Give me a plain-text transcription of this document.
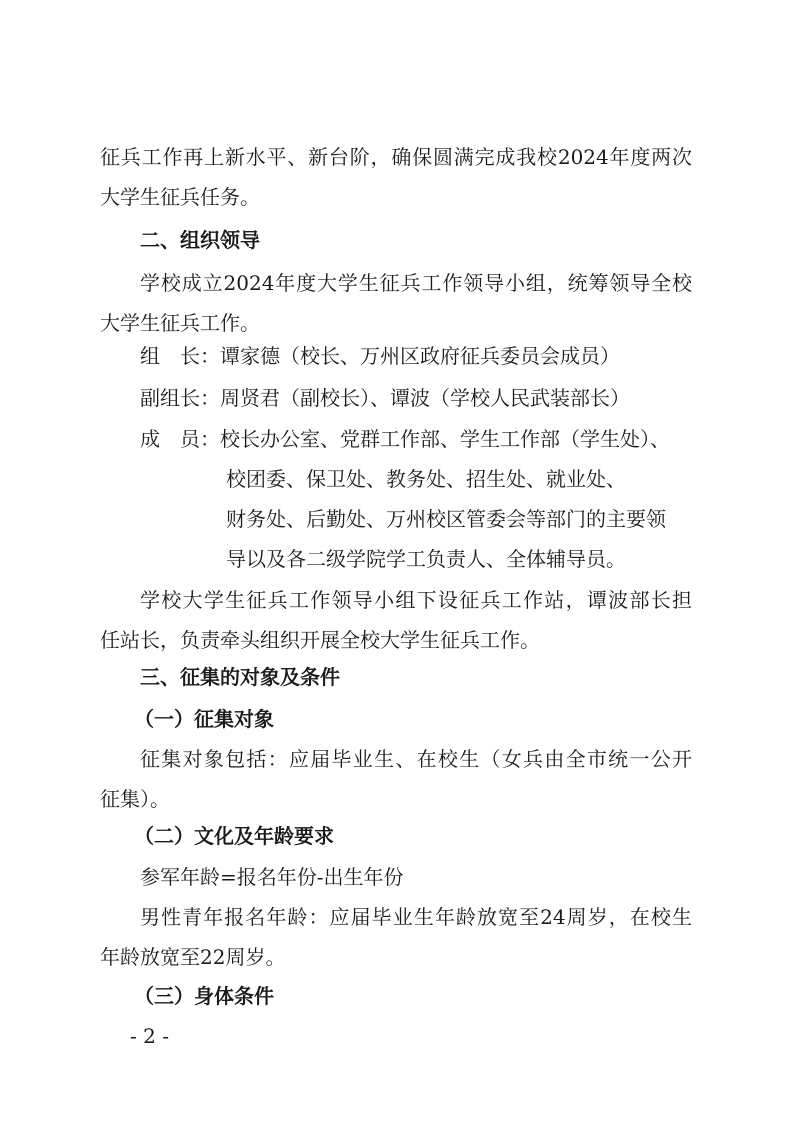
征兵工作再上新水平、新台阶，确保圆满完成我校2024年度两次

大学生征兵任务。

二、组织领导

学校成立2024年度大学生征兵工作领导小组，统筹领导全校

大学生征兵工作。

组　长：谭家德（校长、万州区政府征兵委员会成员）

副组长：周贤君（副校长）、谭波（学校人民武装部长）

成　员：校长办公室、党群工作部、学生工作部（学生处）、

校团委、保卫处、教务处、招生处、就业处、

财务处、后勤处、万州校区管委会等部门的主要领

导以及各二级学院学工负责人、全体辅导员。

学校大学生征兵工作领导小组下设征兵工作站，谭波部长担

任站长，负责牵头组织开展全校大学生征兵工作。

三、征集的对象及条件

（一）征集对象

征集对象包括：应届毕业生、在校生（女兵由全市统一公开

征集）。

（二）文化及年龄要求

参军年龄=报名年份-出生年份

男性青年报名年龄：应届毕业生年龄放宽至24周岁，在校生

年龄放宽至22周岁。

（三）身体条件

- 2 -
